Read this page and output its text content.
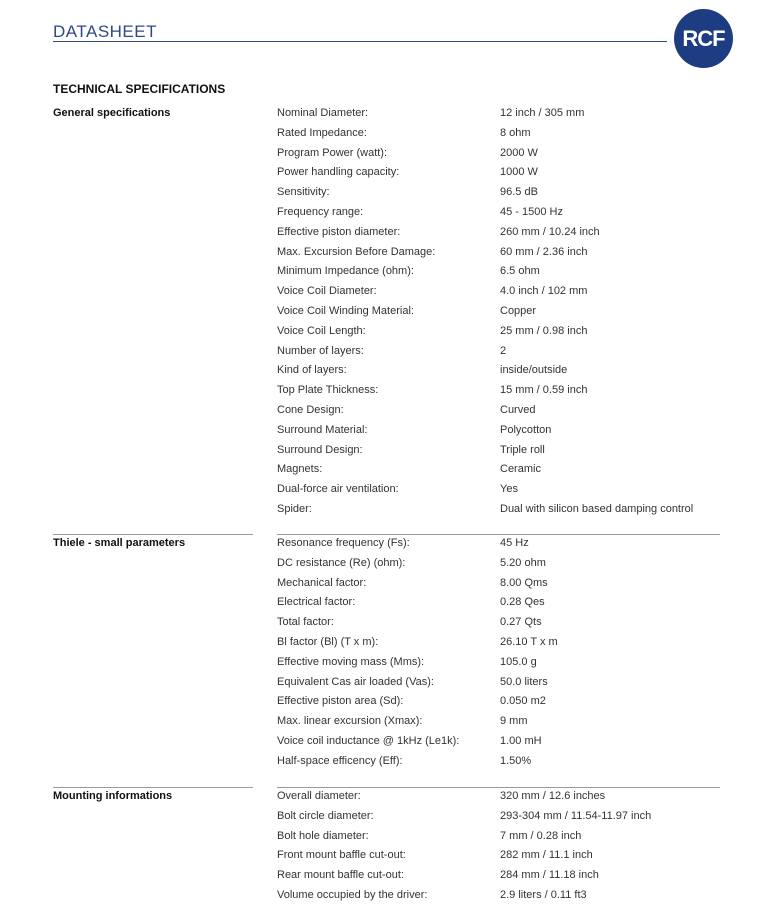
DATASHEET	RCF
TECHNICAL SPECIFICATIONS
General specifications	Nominal Diameter:	12 inch / 305 mm
Rated Impedance:	8 ohm
Program Power (watt):	2000 W
Power handling capacity:	1000 W
Sensitivity:	96.5 dB
Frequency range:	45 - 1500 Hz
Effective piston diameter:	260 mm / 10.24 inch
Max. Excursion Before Damage:	60 mm / 2.36 inch
Minimum Impedance (ohm):	6.5 ohm
Voice Coil Diameter:	4.0 inch / 102 mm
Voice Coil Winding Material:	Copper
Voice Coil Length:	25 mm / 0.98 inch
Number of layers:	2
Kind of layers:	inside/outside
Top Plate Thickness:	15 mm / 0.59 inch
Cone Design:	Curved
Surround Material:	Polycotton
Surround Design:	Triple roll
Magnets:	Ceramic
Dual-force air ventilation:	Yes
Spider:	Dual with silicon based damping control
Thiele - small parameters	Resonance frequency (Fs):	45 Hz
DC resistance (Re) (ohm):	5.20 ohm
Mechanical factor:	8.00 Qms
Electrical factor:	0.28 Qes
Total factor:	0.27 Qts
Bl factor (Bl) (T x m):	26.10 T x m
Effective moving mass (Mms):	105.0 g
Equivalent Cas air loaded (Vas):	50.0 liters
Effective piston area (Sd):	0.050 m2
Max. linear excursion (Xmax):	9 mm
Voice coil inductance @ 1kHz (Le1k):	1.00 mH
Half-space efficency (Eff):	1.50%
Mounting informations	Overall diameter:	320 mm / 12.6 inches
Bolt circle diameter:	293-304 mm / 11.54-11.97 inch
Bolt hole diameter:	7 mm / 0.28 inch
Front mount baffle cut-out:	282 mm / 11.1 inch
Rear mount baffle cut-out:	284 mm / 11.18 inch
Volume occupied by the driver:	2.9 liters / 0.11 ft3
